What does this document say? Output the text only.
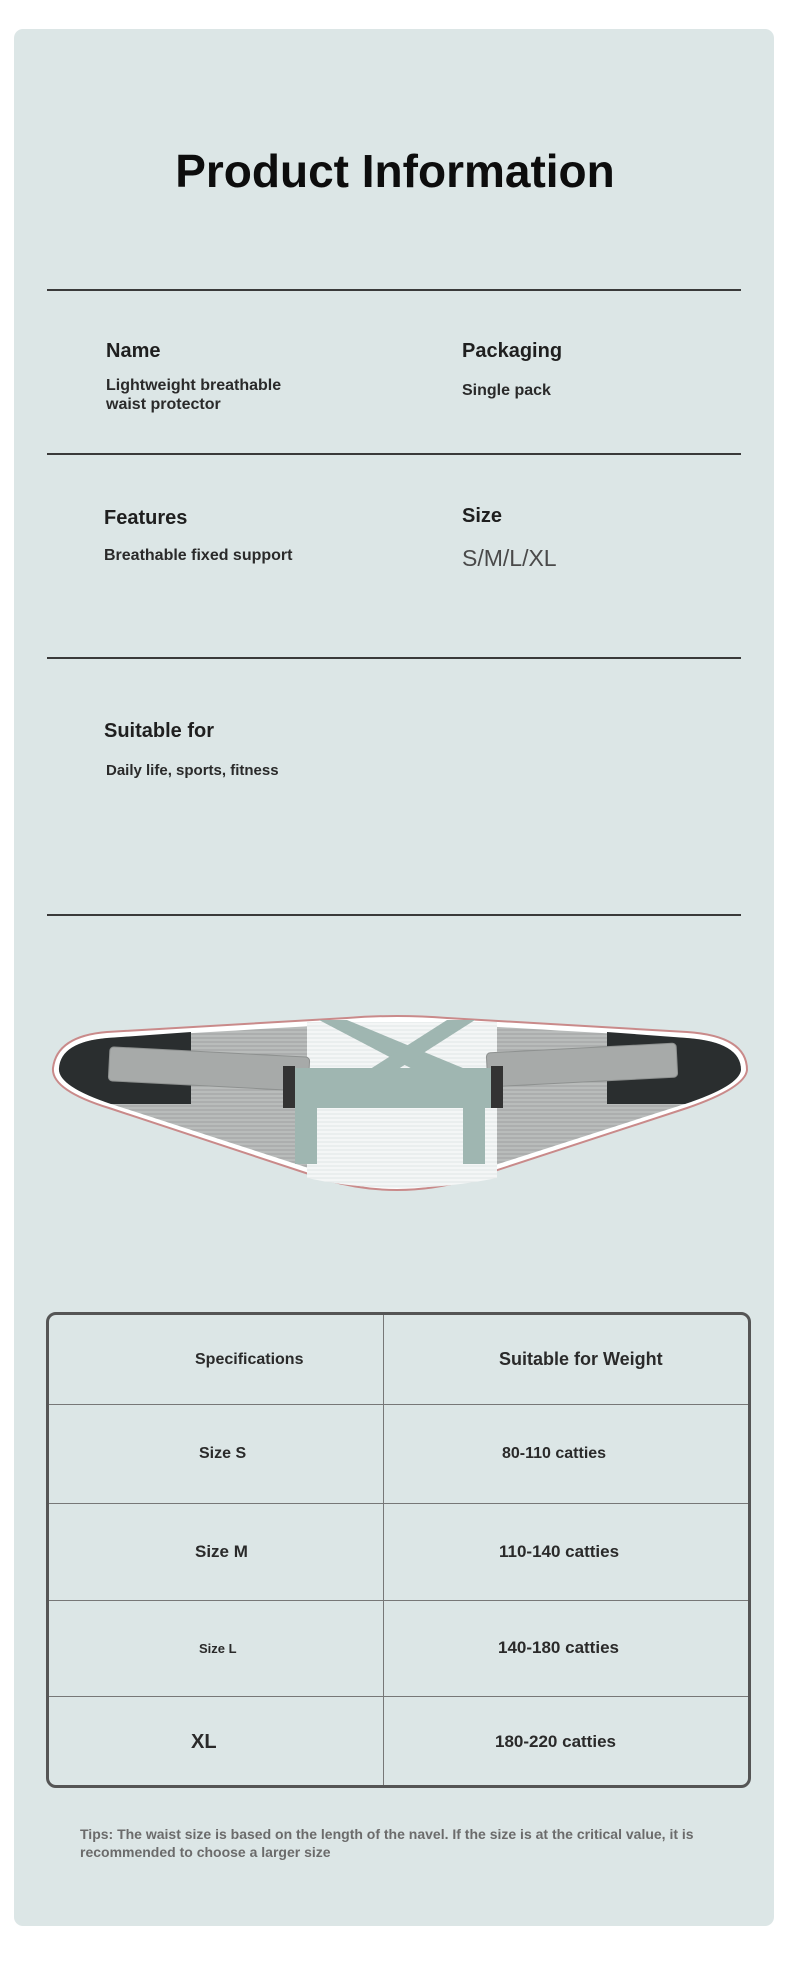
Product Information
Name
Lightweight breathable
waist protector
Packaging
Single pack
Features
Breathable fixed support
Size
S/M/L/XL
Suitable for
Daily life, sports, fitness
Specifications	Suitable for Weight
Size S	80-110 catties
Size M	110-140 catties
Size L	140-180 catties
XL	180-220 catties
Tips: The waist size is based on the length of the navel. If the size is at the critical value, it is
recommended to choose a larger size
